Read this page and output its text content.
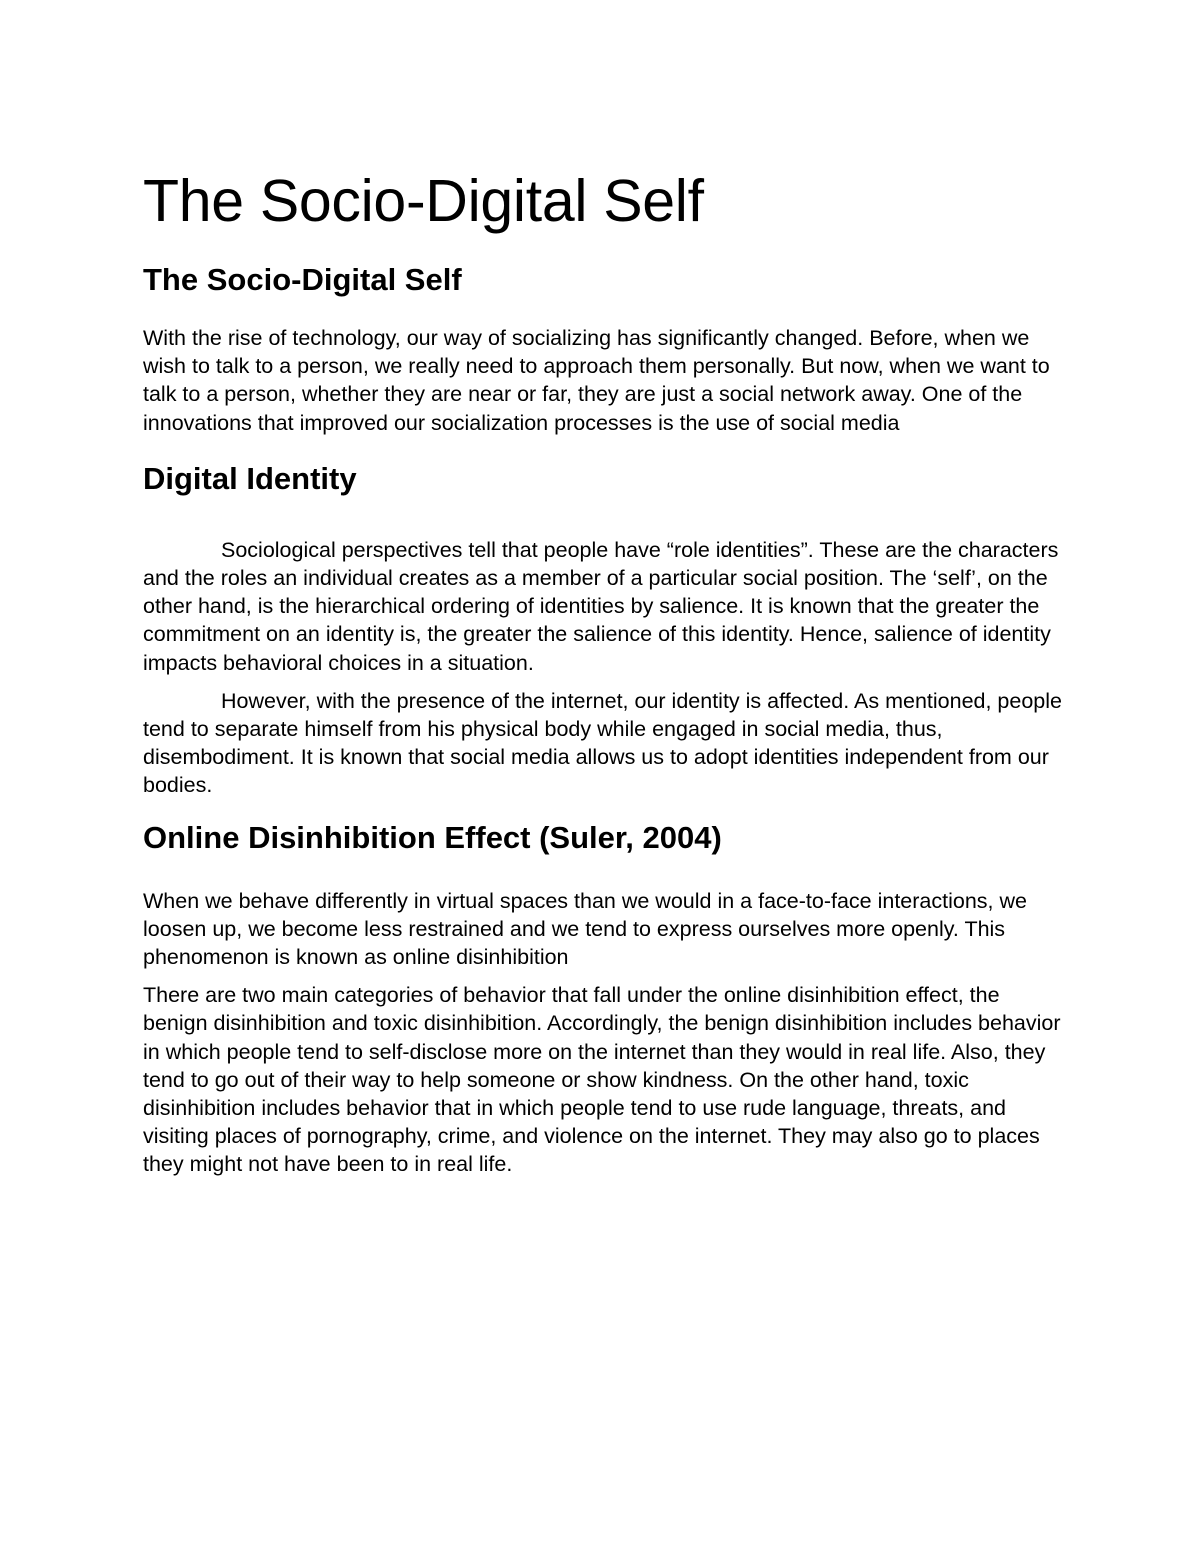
The Socio-Digital Self
The Socio-Digital Self

With the rise of technology, our way of socializing has significantly changed. Before, when we wish to talk to a person, we really need to approach them personally. But now, when we want to talk to a person, whether they are near or far, they are just a social network away. One of the innovations that improved our socialization processes is the use of social media

Digital Identity

Sociological perspectives tell that people have “role identities”. These are the characters and the roles an individual creates as a member of a particular social position. The ‘self’, on the other hand, is the hierarchical ordering of identities by salience. It is known that the greater the commitment on an identity is, the greater the salience of this identity. Hence, salience of identity impacts behavioral choices in a situation.

However, with the presence of the internet, our identity is affected. As mentioned, people tend to separate himself from his physical body while engaged in social media, thus, disembodiment. It is known that social media allows us to adopt identities independent from our bodies.

Online Disinhibition Effect (Suler, 2004)

When we behave differently in virtual spaces than we would in a face-to-face interactions, we loosen up, we become less restrained and we tend to express ourselves more openly. This phenomenon is known as online disinhibition

There are two main categories of behavior that fall under the online disinhibition effect, the benign disinhibition and toxic disinhibition. Accordingly, the benign disinhibition includes behavior in which people tend to self-disclose more on the internet than they would in real life. Also, they tend to go out of their way to help someone or show kindness. On the other hand, toxic disinhibition includes behavior that in which people tend to use rude language, threats, and visiting places of pornography, crime, and violence on the internet. They may also go to places they might not have been to in real life.
